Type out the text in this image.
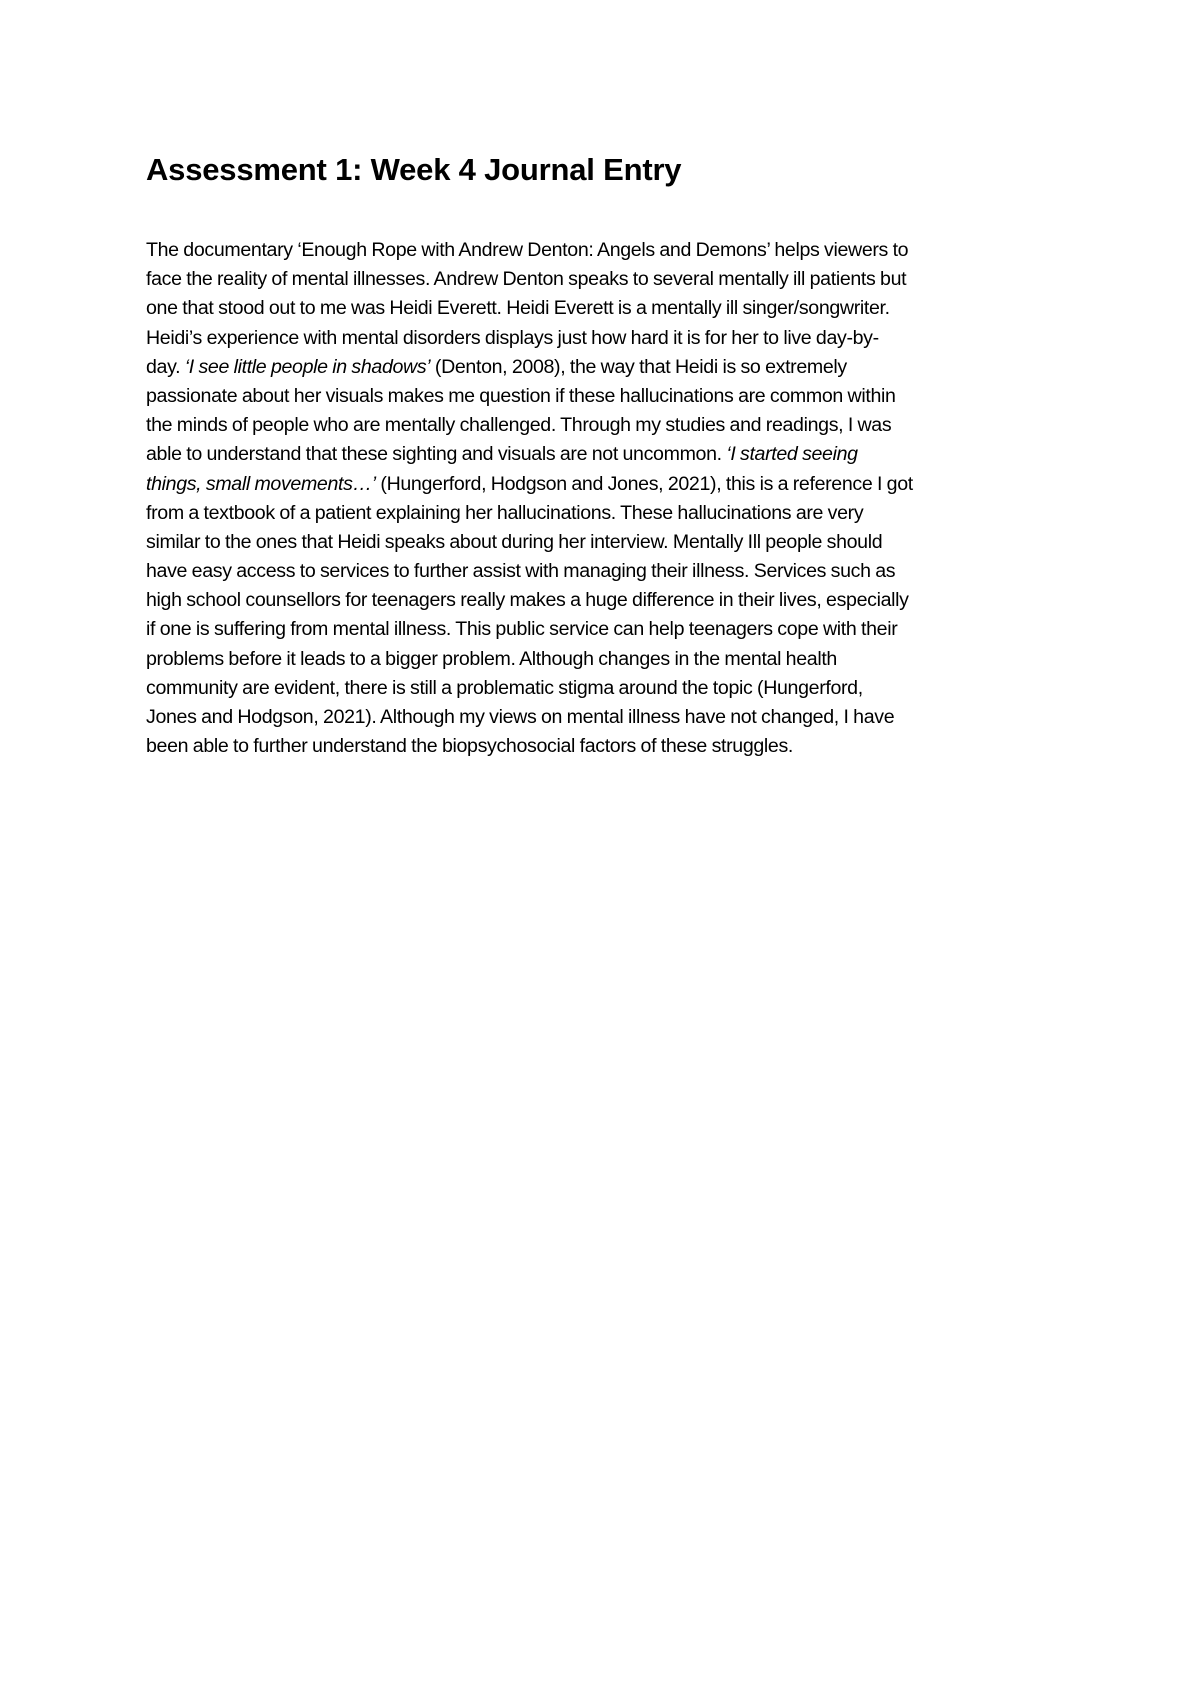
Assessment 1: Week 4 Journal Entry
The documentary ‘Enough Rope with Andrew Denton: Angels and Demons’ helps viewers to
face the reality of mental illnesses. Andrew Denton speaks to several mentally ill patients but
one that stood out to me was Heidi Everett. Heidi Everett is a mentally ill singer/songwriter.
Heidi’s experience with mental disorders displays just how hard it is for her to live day-by-
day. ‘I see little people in shadows’ (Denton, 2008), the way that Heidi is so extremely
passionate about her visuals makes me question if these hallucinations are common within
the minds of people who are mentally challenged. Through my studies and readings, I was
able to understand that these sighting and visuals are not uncommon. ‘I started seeing
things, small movements…’ (Hungerford, Hodgson and Jones, 2021), this is a reference I got
from a textbook of a patient explaining her hallucinations. These hallucinations are very
similar to the ones that Heidi speaks about during her interview. Mentally Ill people should
have easy access to services to further assist with managing their illness. Services such as
high school counsellors for teenagers really makes a huge difference in their lives, especially
if one is suffering from mental illness. This public service can help teenagers cope with their
problems before it leads to a bigger problem. Although changes in the mental health
community are evident, there is still a problematic stigma around the topic (Hungerford,
Jones and Hodgson, 2021). Although my views on mental illness have not changed, I have
been able to further understand the biopsychosocial factors of these struggles.
